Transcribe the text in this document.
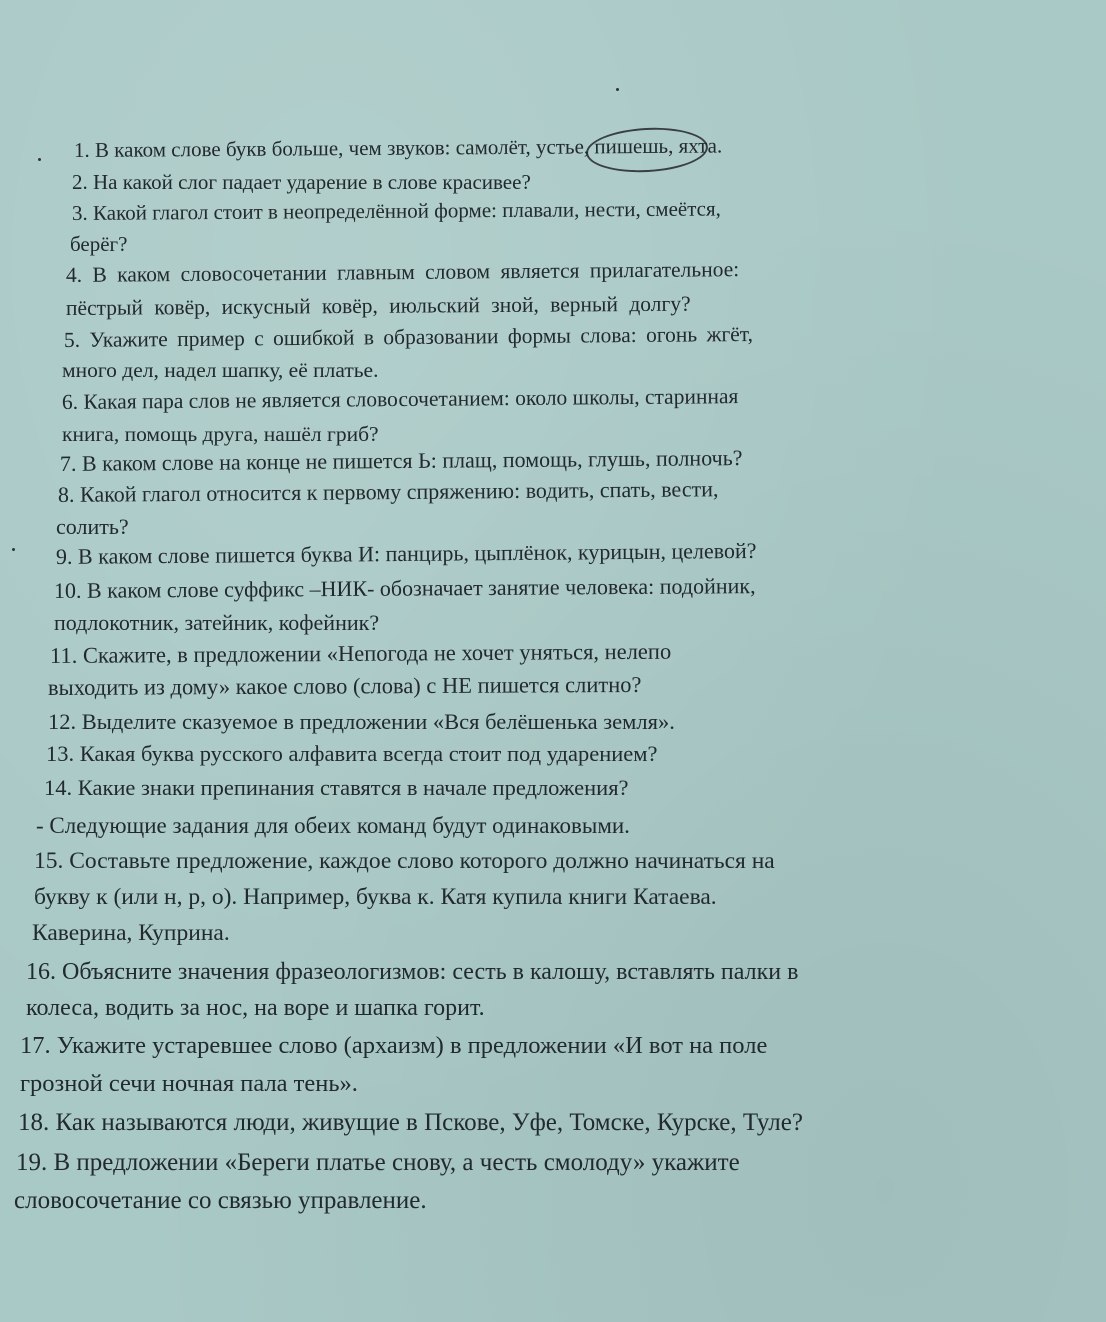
1. В каком слове букв больше, чем звуков: самолёт, устье, пишешь, яхта.
2. На какой слог падает ударение в слове красивее?
3. Какой глагол стоит в неопределённой форме: плавали, нести, смеётся,
берёг?
4. В каком словосочетании главным словом является прилагательное:
пёстрый ковёр, искусный ковёр, июльский зной, верный долгу?
5. Укажите пример с ошибкой в образовании формы слова: огонь жгёт,
много дел, надел шапку, её платье.
6. Какая пара слов не является словосочетанием: около школы, старинная
книга, помощь друга, нашёл гриб?
7. В каком слове на конце не пишется Ь: плащ, помощь, глушь, полночь?
8. Какой глагол относится к первому спряжению: водить, спать, вести,
солить?
9. В каком слове пишется буква И: панцирь, цыплёнок, курицын, целевой?
10. В каком слове суффикс –НИК- обозначает занятие человека: подойник,
подлокотник, затейник, кофейник?
11. Скажите, в предложении «Непогода не хочет уняться, нелепо
выходить из дому» какое слово (слова) с НЕ пишется слитно?
12. Выделите сказуемое в предложении «Вся белёшенька земля».
13. Какая буква русского алфавита всегда стоит под ударением?
14. Какие знаки препинания ставятся в начале предложения?
- Следующие задания для обеих команд будут одинаковыми.
15. Составьте предложение, каждое слово которого должно начинаться на
букву к (или н, р, о). Например, буква к. Катя купила книги Катаева.
Каверина, Куприна.
16. Объясните значения фразеологизмов: сесть в калошу, вставлять палки в
колеса, водить за нос, на воре и шапка горит.
17. Укажите устаревшее слово (архаизм) в предложении «И вот на поле
грозной сечи ночная пала тень».
18. Как называются люди, живущие в Пскове, Уфе, Томске, Курске, Туле?
19. В предложении «Береги платье снову, а честь смолоду» укажите
словосочетание со связью управление.
